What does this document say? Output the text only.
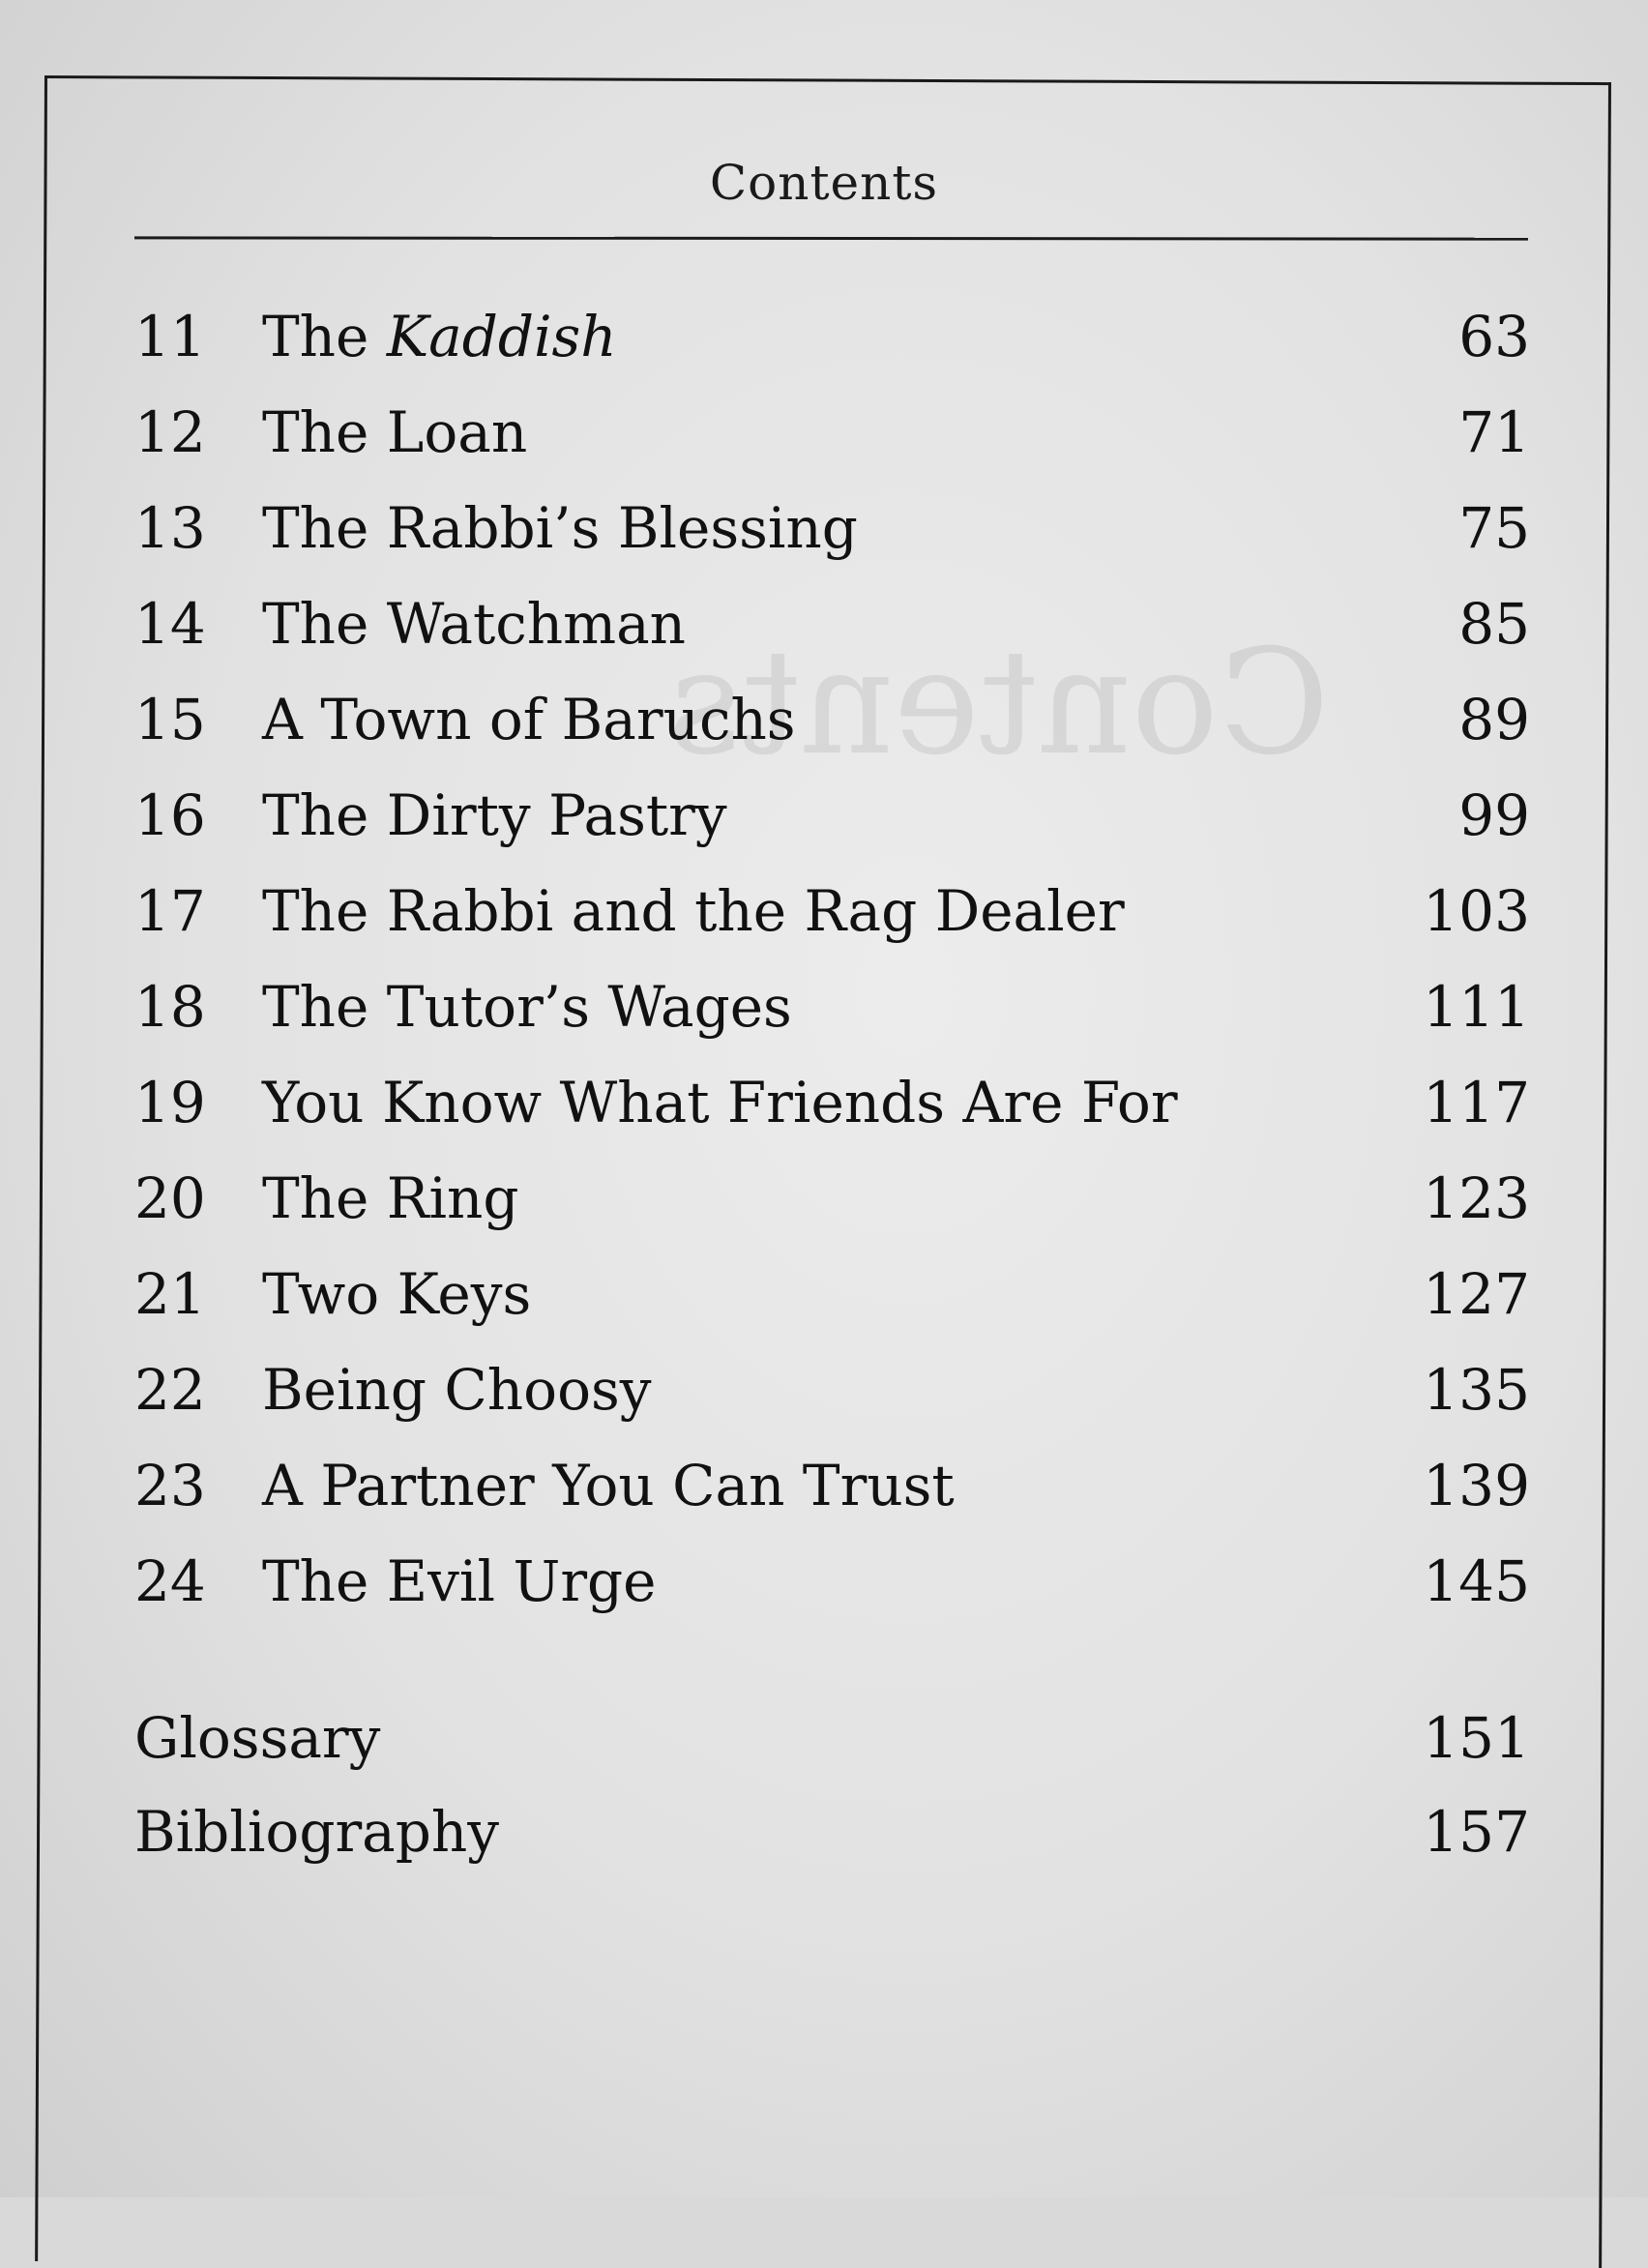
Contents
Contents
11	The Kaddish	63
12	The Loan	71
13	The Rabbi’s Blessing	75
14	The Watchman	85
15	A Town of Baruchs	89
16	The Dirty Pastry	99
17	The Rabbi and the Rag Dealer	103
18	The Tutor’s Wages	111
19	You Know What Friends Are For	117
20	The Ring	123
21	Two Keys	127
22	Being Choosy	135
23	A Partner You Can Trust	139
24	The Evil Urge	145
Glossary	151
Bibliography	157
